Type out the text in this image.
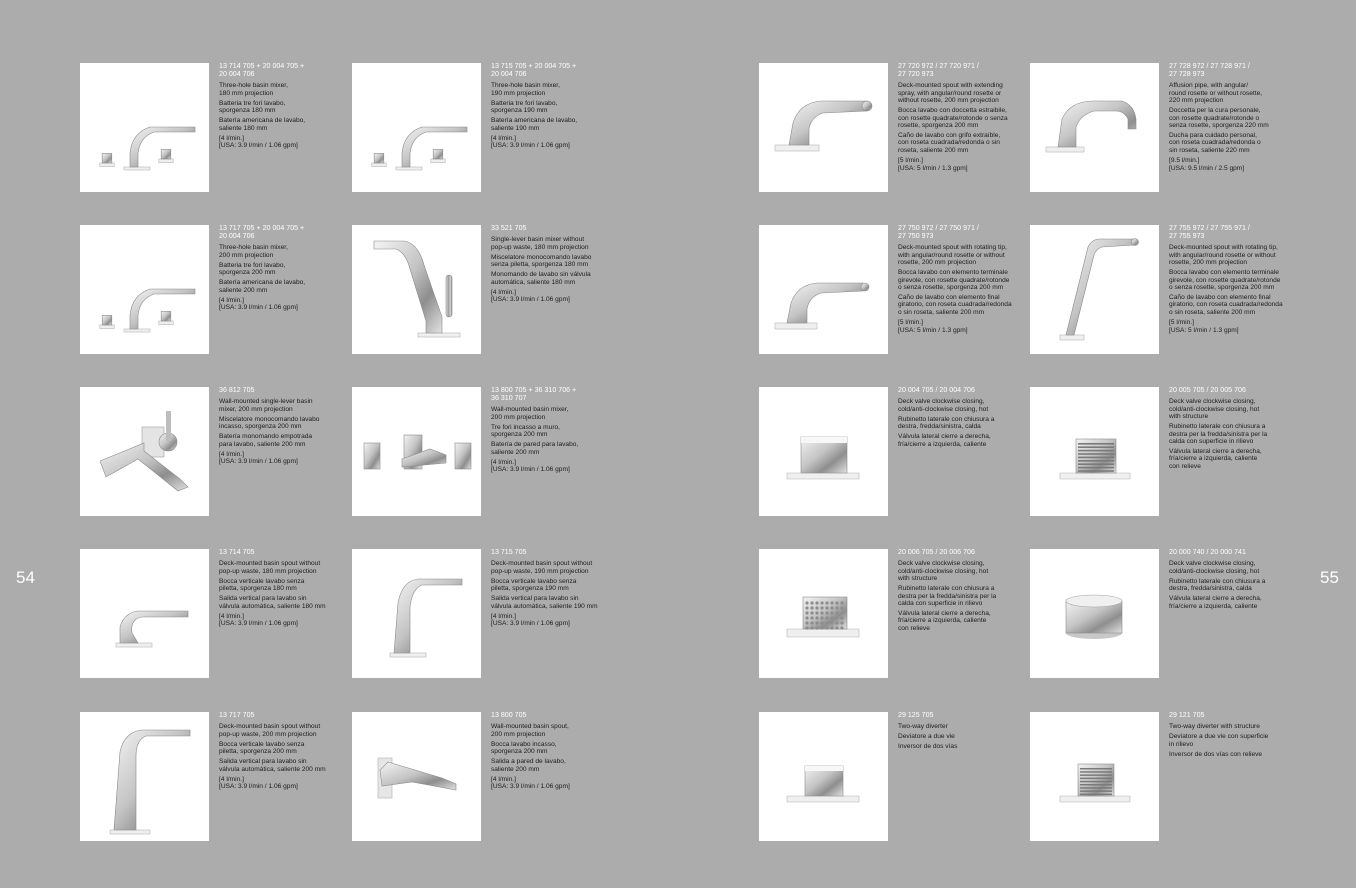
54	55
13 714 705 + 20 004 705 +
20 004 706
Three-hole basin mixer,
180 mm projection
Batteria tre fori lavabo,
sporgenza 180 mm
Batería americana de lavabo,
saliente 180 mm
[4 l/min.]
[USA: 3.9 l/min / 1.06 gpm]
13 715 705 + 20 004 705 +
20 004 706
Three-hole basin mixer,
190 mm projection
Batteria tre fori lavabo,
sporgenza 190 mm
Batería americana de lavabo,
saliente 190 mm
[4 l/min.]
[USA: 3.9 l/min / 1.06 gpm]
13 717 705 + 20 004 705 +
20 004 706
Three-hole basin mixer,
200 mm projection
Batteria tre fori lavabo,
sporgenza 200 mm
Batería americana de lavabo,
saliente 200 mm
[4 l/min.]
[USA: 3.9 l/min / 1.06 gpm]
33 521 705
Single-lever basin mixer without
pop-up waste, 180 mm projection
Miscelatore monocomando lavabo
senza piletta, sporgenza 180 mm
Monomando de lavabo sin válvula
automática, saliente 180 mm
[4 l/min.]
[USA: 3.9 l/min / 1.06 gpm]
36 812 705
Wall-mounted single-lever basin
mixer, 200 mm projection
Miscelatore monocomando lavabo
incasso, sporgenza 200 mm
Batería monomando empotrada
para lavabo, saliente 200 mm
[4 l/min.]
[USA: 3.9 l/min / 1.06 gpm]
13 800 705 + 36 310 706 +
36 310 707
Wall-mounted basin mixer,
200 mm projection
Tre fori incasso a muro,
sporgenza 200 mm
Batería de pared para lavabo,
saliente 200 mm
[4 l/min.]
[USA: 3.9 l/min / 1.06 gpm]
13 714 705
Deck-mounted basin spout without
pop-up waste, 180 mm projection
Bocca verticale lavabo senza
piletta, sporgenza 180 mm
Salida vertical para lavabo sin
válvula automática, saliente 180 mm
[4 l/min.]
[USA: 3.9 l/min / 1.06 gpm]
13 715 705
Deck-mounted basin spout without
pop-up waste, 190 mm projection
Bocca verticale lavabo senza
piletta, sporgenza 190 mm
Salida vertical para lavabo sin
válvula automática, saliente 190 mm
[4 l/min.]
[USA: 3.9 l/min / 1.06 gpm]
13 717 705
Deck-mounted basin spout without
pop-up waste, 200 mm projection
Bocca verticale lavabo senza
piletta, sporgenza 200 mm
Salida vertical para lavabo sin
válvula automática, saliente 200 mm
[4 l/min.]
[USA: 3.9 l/min / 1.06 gpm]
13 800 705
Wall-mounted basin spout,
200 mm projection
Bocca lavabo incasso,
sporgenza 200 mm
Salida a pared de lavabo,
saliente 200 mm
[4 l/min.]
[USA: 3.9 l/min / 1.06 gpm]
27 720 972 / 27 720 971 /
27 720 973
Deck-mounted spout with extending
spray, with angular/round rosette or
without rosette, 200 mm projection
Bocca lavabo con doccetta estraibile,
con rosette quadrate/rotonde o senza
rosette, sporgenza 200 mm
Caño de lavabo con grifo extraíble,
con roseta cuadrada/redonda o sin
roseta, saliente 200 mm
[5 l/min.]
[USA: 5 l/min / 1.3 gpm]
27 728 972 / 27 728 971 /
27 728 973
Affusion pipe, with angular/
round rosette or without rosette,
220 mm projection
Doccetta per la cura personale,
con rosette quadrate/rotonde o
senza rosette, sporgenza 220 mm
Ducha para cuidado personal,
con roseta cuadrada/redonda o
sin roseta, saliente 220 mm
[9.5 l/min.]
[USA: 9.5 l/min / 2.5 gpm]
27 750 972 / 27 750 971 /
27 750 973
Deck-mounted spout with rotating tip,
with angular/round rosette or without
rosette, 200 mm projection
Bocca lavabo con elemento terminale
girevole, con rosette quadrate/rotonde
o senza rosette, sporgenza 200 mm
Caño de lavabo con elemento final
giratorio, con roseta cuadrada/redonda
o sin roseta, saliente 200 mm
[5 l/min.]
[USA: 5 l/min / 1.3 gpm]
27 755 972 / 27 755 971 /
27 755 973
Deck-mounted spout with rotating tip,
with angular/round rosette or without
rosette, 200 mm projection
Bocca lavabo con elemento terminale
girevole, con rosette quadrate/rotonde
o senza rosette, sporgenza 200 mm
Caño de lavabo con elemento final
giratorio, con roseta cuadrada/redonda
o sin roseta, saliente 200 mm
[5 l/min.]
[USA: 5 l/min / 1.3 gpm]
20 004 705 / 20 004 706
Deck valve clockwise closing,
cold/anti-clockwise closing, hot
Rubinetto laterale con chiusura a
destra, fredda/sinistra, calda
Válvula lateral cierre a derecha,
fría/cierre a izquierda, caliente
20 005 705 / 20 005 706
Deck valve clockwise closing,
cold/anti-clockwise closing, hot
with structure
Rubinetto laterale con chiusura a
destra per la fredda/sinistra per la
calda con superficie in rilievo
Válvula lateral cierre a derecha,
fría/cierre a izquierda, caliente
con relieve
20 006 705 / 20 006 706
Deck valve clockwise closing,
cold/anti-clockwise closing, hot
with structure
Rubinetto laterale con chiusura a
destra per la fredda/sinistra per la
calda con superficie in rilievo
Válvula lateral cierre a derecha,
fría/cierre a izquierda, caliente
con relieve
20 000 740 / 20 000 741
Deck valve clockwise closing,
cold/anti-clockwise closing, hot
Rubinetto laterale con chiusura a
destra, fredda/sinistra, calda
Válvula lateral cierre a derecha,
fría/cierre a izquierda, caliente
29 125 705
Two-way diverter
Deviatore a due vie
Inversor de dos vías
29 121 705
Two-way diverter with structure
Deviatore a due vie con superficie
in rilievo
Inversor de dos vías con relieve
